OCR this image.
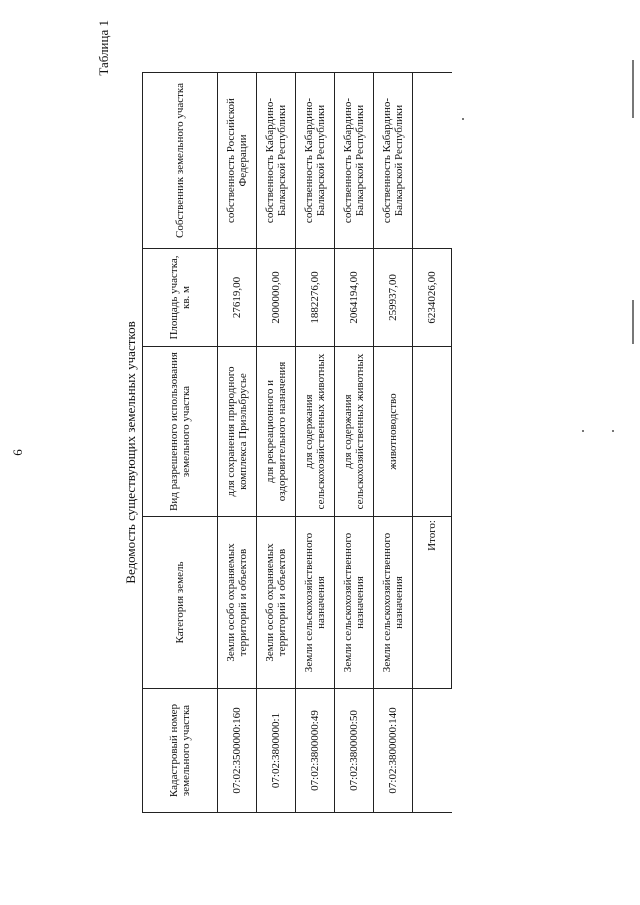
6
Таблица 1
Ведомость существующих земельных участков
Кадастровый номер земельного участка	Категория земель	Вид разрешенного использования земельного участка	Площадь участка, кв. м	Собственник земельного участка
07:02:3500000:160	Земли особо охраняемых территорий и объектов	для сохранения природного комплекса Приэльбрусье	27619,00	собственность Российской Федерации
07:02:3800000:1	Земли особо охраняемых территорий и объектов	для рекреационного и оздоровительного назначения	2000000,00	собственность Кабардино-Балкарской Республики
07:02:3800000:49	Земли сельскохозяйственного назначения	для содержания сельскохозяйственных животных	1882276,00	собственность Кабардино-Балкарской Республики
07:02:3800000:50	Земли сельскохозяйственного назначения	для содержания сельскохозяйственных животных	2064194,00	собственность Кабардино-Балкарской Республики
07:02:3800000:140	Земли сельскохозяйственного назначения	животноводство	259937,00	собственность Кабардино-Балкарской Республики
	Итого:		6234026,00	
